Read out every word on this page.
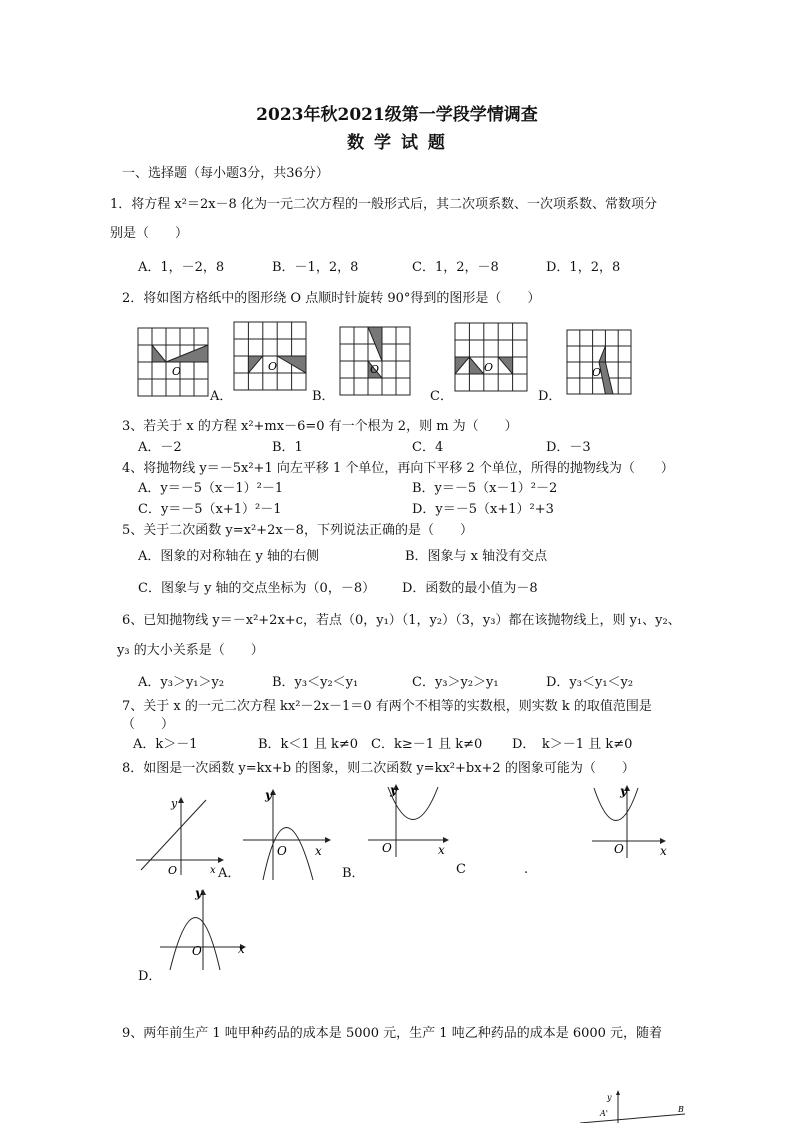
2023年秋2021级第一学段学情调查
数 学 试 题
一、选择题（每小题3分，共36分）
1．将方程 x²＝2x－8 化为一元二次方程的一般形式后，其二次项系数、一次项系数、常数项分
别是（　　）
A．1，－2，8	B．－1，2，8	C．1，2，－8	D．1，2，8
2．将如图方格纸中的图形绕 O 点顺时针旋转 90°得到的图形是（　　）
O
A．
O
B．
O	O
C．
O
D．
3、若关于 x 的方程 x²+mx－6=0 有一个根为 2，则 m 为（　　）
A．－2	B．1	C．4	D．－3
4、将抛物线 y＝－5x²+1 向左平移 1 个单位，再向下平移 2 个单位，所得的抛物线为（　　）
A．y＝－5（x－1）²－1	B．y＝－5（x－1）²－2
C．y＝－5（x+1）²－1	D．y＝－5（x+1）²+3
5、关于二次函数 y=x²+2x－8，下列说法正确的是（　　）
A．图象的对称轴在 y 轴的右侧	B．图象与 x 轴没有交点
C．图象与 y 轴的交点坐标为（0，－8） D．函数的最小值为－8
6、已知抛物线 y＝－x²+2x+c，若点（0，y₁）（1，y₂）（3，y₃）都在该抛物线上，则 y₁、y₂、
y₃ 的大小关系是（　　）
A．y₃＞y₁＞y₂	B．y₃＜y₂＜y₁	C．y₃＞y₂＞y₁	D．y₃＜y₁＜y₂
7、关于 x 的一元二次方程 kx²－2x－1＝0 有两个不相等的实数根，则实数 k 的取值范围是
（　　）
A．k＞－1	B．k＜1 且 k≠0 C．k≥－1 且 k≠0 D．　k＞－1 且 k≠0
8．如图是一次函数 y=kx+b 的图象，则二次函数 y=kx²+bx+2 的图象可能为（　　）
y
O	x A．
y
O x
B．
y
O	x
C	.
y
O	x
y
O	x
D．
9、两年前生产 1 吨甲种药品的成本是 5000 元，生产 1 吨乙种药品的成本是 6000 元，随着
y
A'	B
